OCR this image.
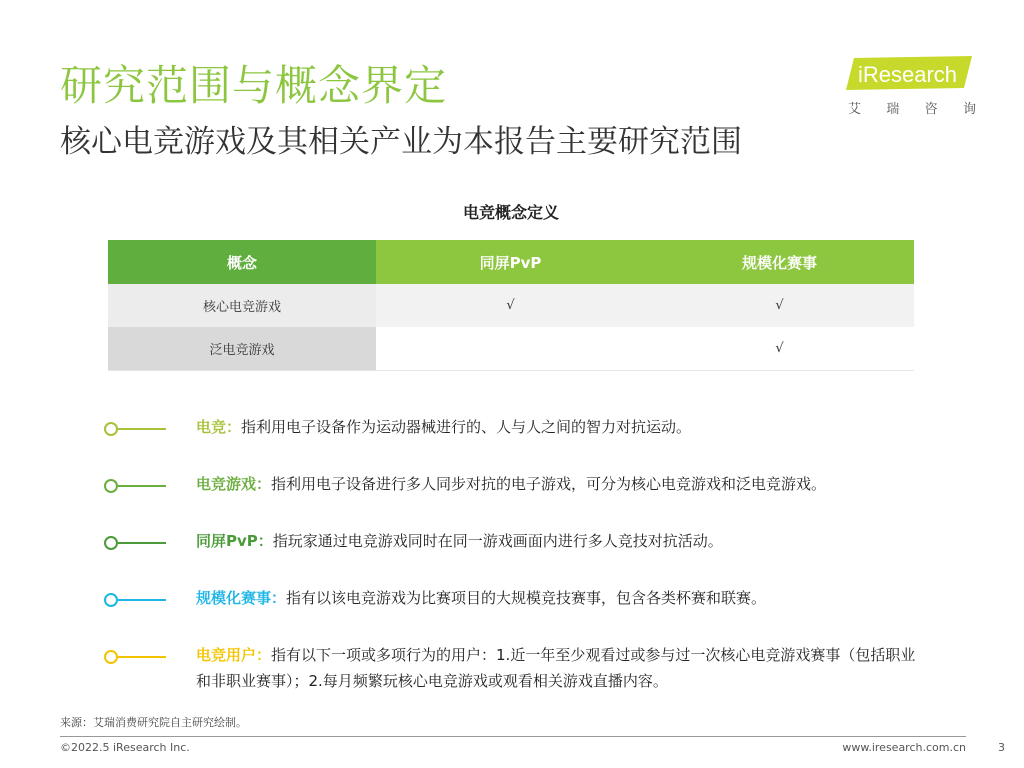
研究范围与概念界定
核心电竞游戏及其相关产业为本报告主要研究范围
iResearch
艾 瑞 咨 询
电竞概念定义
概念	同屏PvP	规模化赛事
核心电竞游戏	√	√
泛电竞游戏		√
电竞：指利用电子设备作为运动器械进行的、人与人之间的智力对抗运动。
电竞游戏：指利用电子设备进行多人同步对抗的电子游戏，可分为核心电竞游戏和泛电竞游戏。
同屏PvP：指玩家通过电竞游戏同时在同一游戏画面内进行多人竞技对抗活动。
规模化赛事：指有以该电竞游戏为比赛项目的大规模竞技赛事，包含各类杯赛和联赛。
电竞用户：指有以下一项或多项行为的用户：1.近一年至少观看过或参与过一次核心电竞游戏赛事（包括职业和非职业赛事）；2.每月频繁玩核心电竞游戏或观看相关游戏直播内容。
来源：艾瑞消费研究院自主研究绘制。
©2022.5 iResearch Inc.	www.iresearch.com.cn	3
